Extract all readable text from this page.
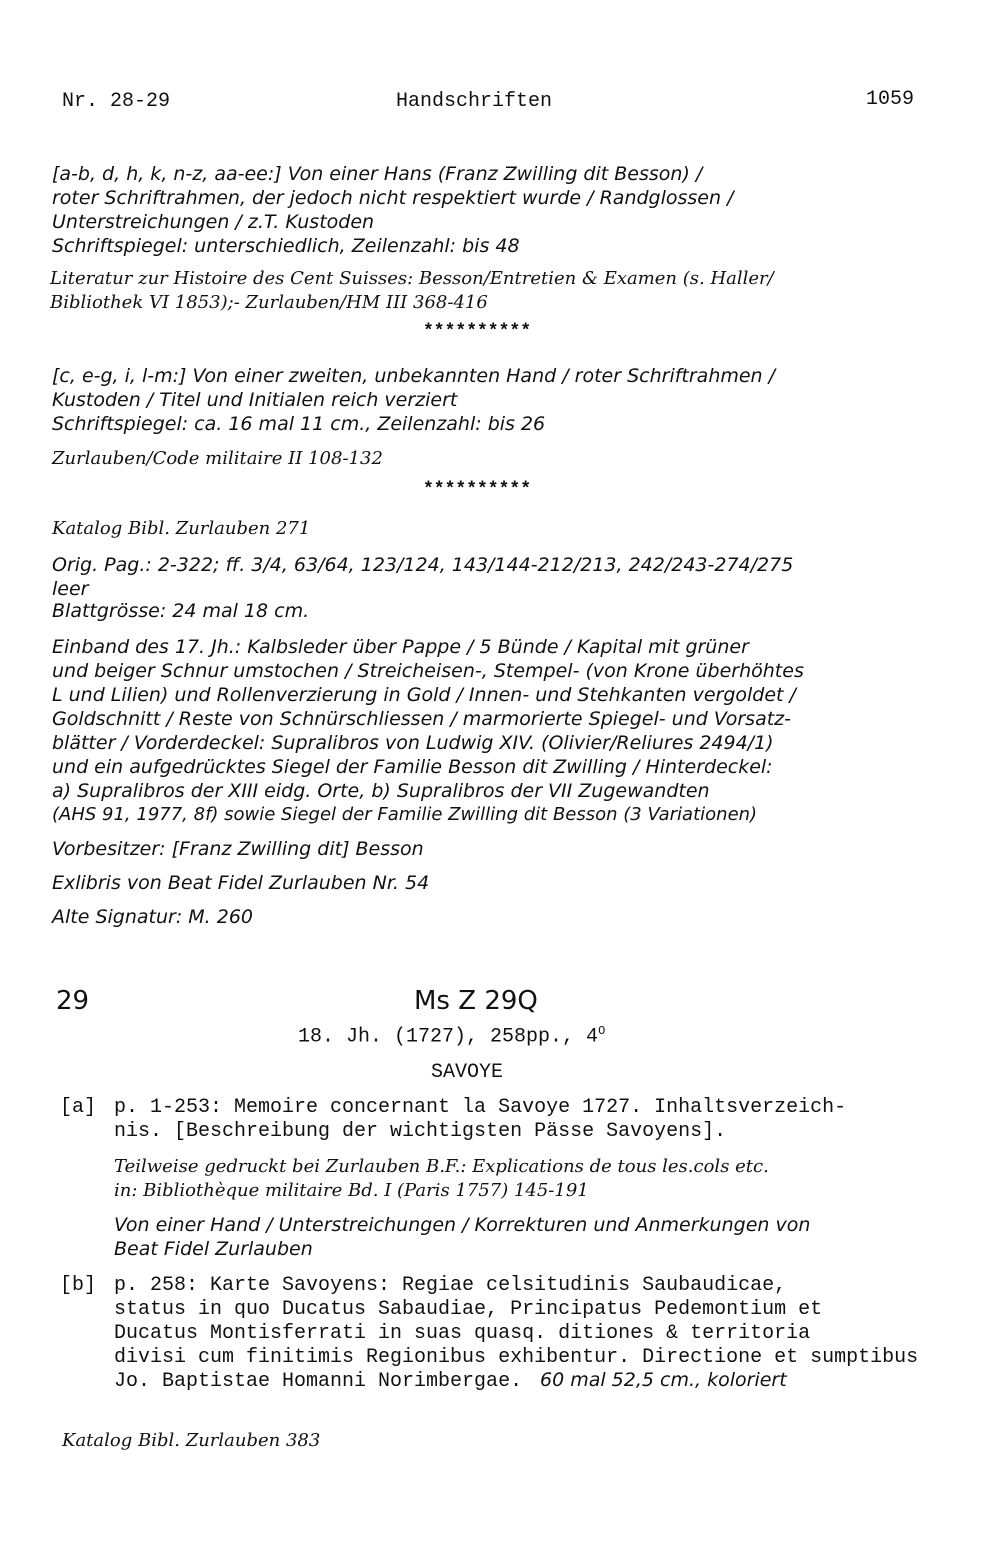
Nr. 28-29	Handschriften	1059
[a-b, d, h, k, n-z, aa-ee:] Von einer Hans (Franz Zwilling dit Besson) /
roter Schriftrahmen, der jedoch nicht respektiert wurde / Randglossen /
Unterstreichungen / z.T. Kustoden
Schriftspiegel: unterschiedlich, Zeilenzahl: bis 48
Literatur zur Histoire des Cent Suisses: Besson/Entretien & Examen (s. Haller/
Bibliothek VI 1853);- Zurlauben/HM III 368-416
**********
[c, e-g, i, l-m:] Von einer zweiten, unbekannten Hand / roter Schriftrahmen /
Kustoden / Titel und Initialen reich verziert
Schriftspiegel: ca. 16 mal 11 cm., Zeilenzahl: bis 26
Zurlauben/Code militaire II 108-132
**********
Katalog Bibl. Zurlauben 271
Orig. Pag.: 2-322; ff. 3/4, 63/64, 123/124, 143/144-212/213, 242/243-274/275
leer
Blattgrösse: 24 mal 18 cm.
Einband des 17. Jh.: Kalbsleder über Pappe / 5 Bünde / Kapital mit grüner
und beiger Schnur umstochen / Streicheisen-, Stempel- (von Krone überhöhtes
L und Lilien) und Rollenverzierung in Gold / Innen- und Stehkanten vergoldet /
Goldschnitt / Reste von Schnürschliessen / marmorierte Spiegel- und Vorsatz-
blätter / Vorderdeckel: Supralibros von Ludwig XIV. (Olivier/Reliures 2494/1)
und ein aufgedrücktes Siegel der Familie Besson dit Zwilling / Hinterdeckel:
a) Supralibros der XIII eidg. Orte, b) Supralibros der VII Zugewandten
(AHS 91, 1977, 8f) sowie Siegel der Familie Zwilling dit Besson (3 Variationen)
Vorbesitzer: [Franz Zwilling dit] Besson
Exlibris von Beat Fidel Zurlauben Nr. 54
Alte Signatur: M. 260
29	Ms Z 29Q
18. Jh. (1727), 258pp., $4^O$
SAVOYE
[a] p. 1-253: Memoire concernant la Savoye 1727. Inhaltsverzeich-
nis. [Beschreibung der wichtigsten Pässe Savoyens].
Teilweise gedruckt bei Zurlauben B.F.: Explications de tous les.cols etc.
in: Bibliothèque militaire Bd. I (Paris 1757) 145-191
Von einer Hand / Unterstreichungen / Korrekturen und Anmerkungen von
Beat Fidel Zurlauben
[b] p. 258: Karte Savoyens: Regiae celsitudinis Saubaudicae,
status in quo Ducatus Sabaudiae, Principatus Pedemontium et
Ducatus Montisferrati in suas quasq. ditiones & territoria
divisi cum finitimis Regionibus exhibentur. Directione et sumptibus
Jo. Baptistae Homanni Norimbergae. 60 mal 52,5 cm., koloriert
Katalog Bibl. Zurlauben 383
